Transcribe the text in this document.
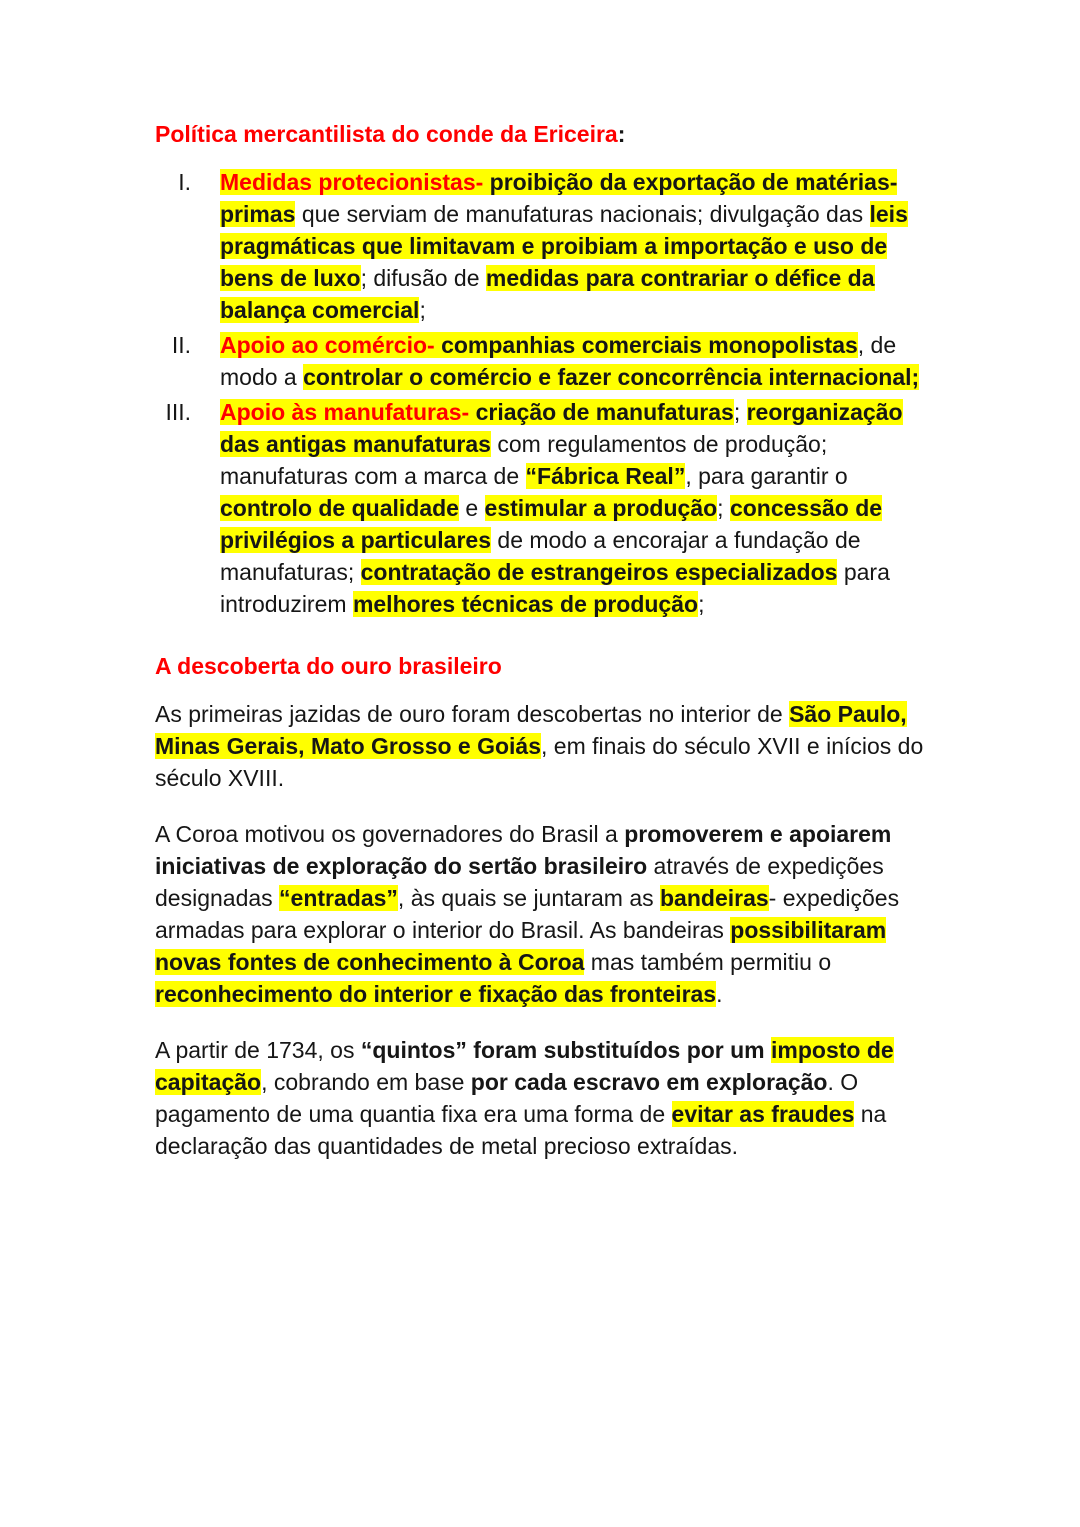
Política mercantilista do conde da Ericeira:
I.	Medidas protecionistas- proibição da exportação de matérias-primas que serviam de manufaturas nacionais; divulgação das leis pragmáticas que limitavam e proibiam a importação e uso de bens de luxo; difusão de medidas para contrariar o défice da balança comercial;
II.	Apoio ao comércio- companhias comerciais monopolistas, de modo a controlar o comércio e fazer concorrência internacional;
III.	Apoio às manufaturas- criação de manufaturas; reorganização das antigas manufaturas com regulamentos de produção; manufaturas com a marca de “Fábrica Real”, para garantir o controlo de qualidade e estimular a produção; concessão de privilégios a particulares de modo a encorajar a fundação de manufaturas; contratação de estrangeiros especializados para introduzirem melhores técnicas de produção;
A descoberta do ouro brasileiro

As primeiras jazidas de ouro foram descobertas no interior de São Paulo, Minas Gerais, Mato Grosso e Goiás, em finais do século XVII e inícios do século XVIII.

A Coroa motivou os governadores do Brasil a promoverem e apoiarem iniciativas de exploração do sertão brasileiro através de expedições designadas “entradas”, às quais se juntaram as bandeiras- expedições armadas para explorar o interior do Brasil. As bandeiras possibilitaram novas fontes de conhecimento à Coroa mas também permitiu o reconhecimento do interior e fixação das fronteiras.

A partir de 1734, os “quintos” foram substituídos por um imposto de capitação, cobrando em base por cada escravo em exploração. O pagamento de uma quantia fixa era uma forma de evitar as fraudes na declaração das quantidades de metal precioso extraídas.
